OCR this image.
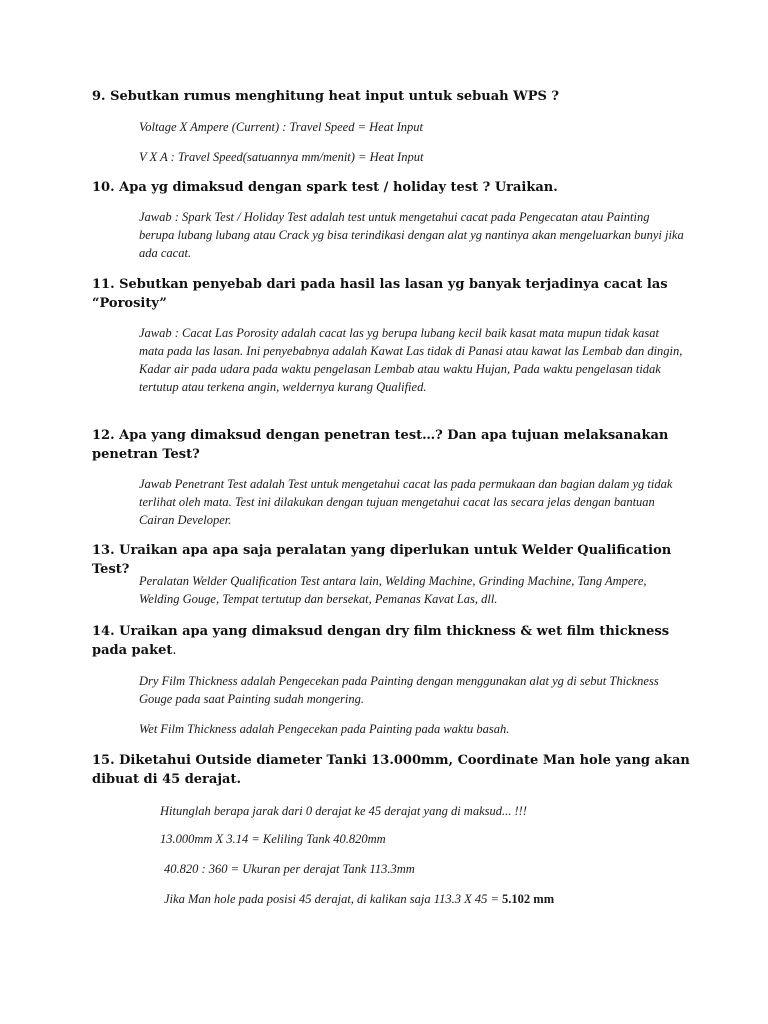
9. Sebutkan rumus menghitung heat input untuk sebuah WPS ?

Voltage X Ampere (Current) : Travel Speed = Heat Input

V X A : Travel Speed(satuannya mm/menit) = Heat Input

10. Apa yg dimaksud dengan spark test / holiday test ? Uraikan.

Jawab : Spark Test / Holiday Test adalah test untuk mengetahui cacat pada Pengecatan atau Painting berupa lubang lubang atau Crack yg bisa terindikasi dengan alat yg nantinya akan mengeluarkan bunyi jika ada cacat.

11. Sebutkan penyebab dari pada hasil las lasan yg banyak terjadinya cacat las “Porosity”

Jawab : Cacat Las Porosity adalah cacat las yg berupa lubang kecil baik kasat mata mupun tidak kasat mata pada las lasan. Ini penyebabnya adalah Kawat Las tidak di Panasi atau kawat las Lembab dan dingin, Kadar air pada udara pada waktu pengelasan Lembab atau waktu Hujan, Pada waktu pengelasan tidak tertutup atau terkena angin, weldernya kurang Qualified.

12. Apa yang dimaksud dengan penetran test…? Dan apa tujuan melaksanakan penetran Test?

Jawab Penetrant Test adalah Test untuk mengetahui cacat las pada permukaan dan bagian dalam yg tidak terlihat oleh mata. Test ini dilakukan dengan tujuan mengetahui cacat las secara jelas dengan bantuan Cairan Developer.

13. Uraikan apa apa saja peralatan yang diperlukan untuk Welder Qualification Test?

Peralatan Welder Qualification Test antara lain, Welding Machine, Grinding Machine, Tang Ampere, Welding Gouge, Tempat tertutup dan bersekat, Pemanas Kavat Las, dll.

14. Uraikan apa yang dimaksud dengan dry film thickness & wet film thickness pada paket.

Dry Film Thickness adalah Pengecekan pada Painting dengan menggunakan alat yg di sebut Thickness Gouge pada saat Painting sudah mongering.

Wet Film Thickness adalah Pengecekan pada Painting pada waktu basah.

15. Diketahui Outside diameter Tanki 13.000mm, Coordinate Man hole yang akan dibuat di 45 derajat.

Hitunglah berapa jarak dari 0 derajat ke 45 derajat yang di maksud... !!!

13.000mm X 3.14 = Keliling Tank 40.820mm

40.820 : 360 = Ukuran per derajat Tank 113.3mm

Jika Man hole pada posisi 45 derajat, di kalikan saja 113.3 X 45 = 5.102 mm
